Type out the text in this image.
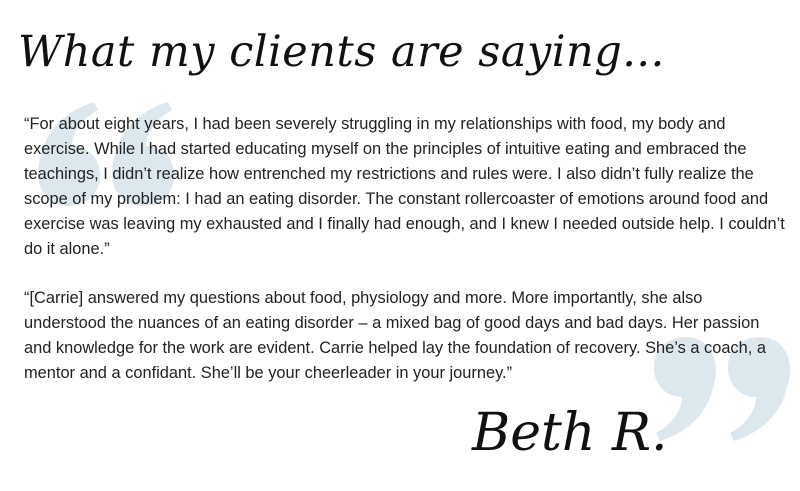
What my clients are saying...

“For about eight years, I had been severely struggling in my relationships with food, my body and exercise. While I had started educating myself on the principles of intuitive eating and embraced the teachings, I didn’t realize how entrenched my restrictions and rules were. I also didn’t fully realize the scope of my problem: I had an eating disorder. The constant rollercoaster of emotions around food and exercise was leaving my exhausted and I finally had enough, and I knew I needed outside help. I couldn’t do it alone.”

“[Carrie] answered my questions about food, physiology and more. More importantly, she also understood the nuances of an eating disorder – a mixed bag of good days and bad days. Her passion and knowledge for the work are evident. Carrie helped lay the foundation of recovery. She’s a coach, a mentor and a confidant. She’ll be your cheerleader in your journey.”

Beth R.
